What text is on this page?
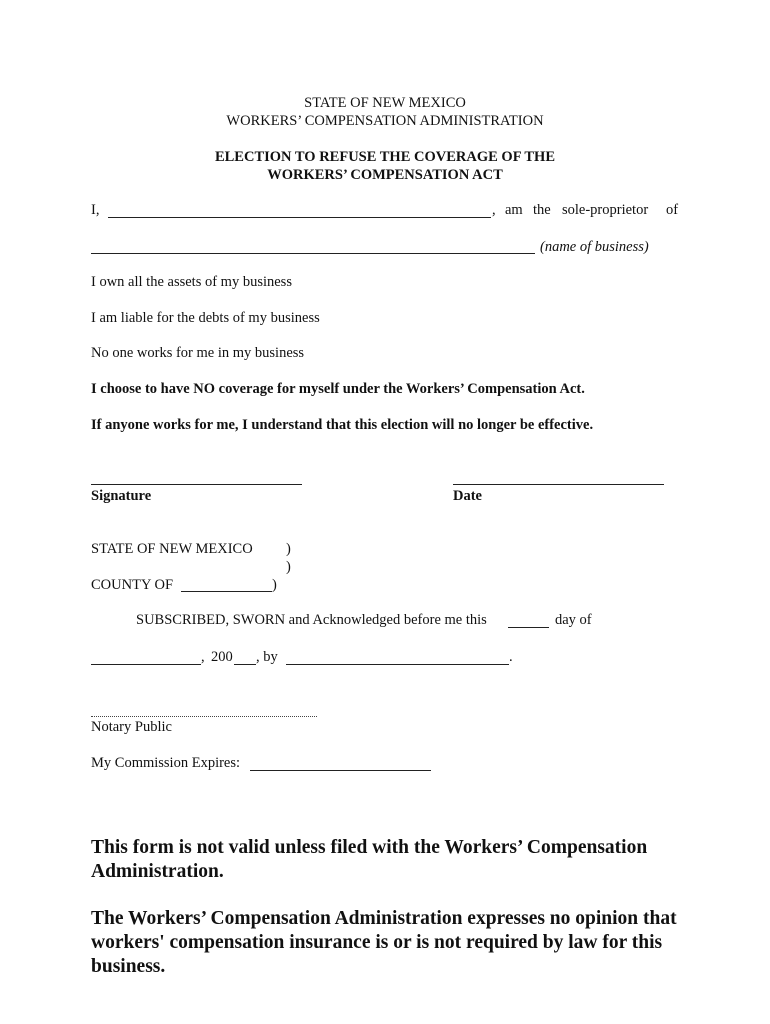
STATE OF NEW MEXICO
WORKERS’ COMPENSATION ADMINISTRATION
ELECTION TO REFUSE THE COVERAGE OF THE
WORKERS’ COMPENSATION ACT
I,	, am the sole-proprietor of
(name of business)
I own all the assets of my business
I am liable for the debts of my business
No one works for me in my business
I choose to have NO coverage for myself under the Workers’ Compensation Act.
If anyone works for me, I understand that this election will no longer be effective.
Signature	Date
STATE OF NEW MEXICO )
)
COUNTY OF	)
SUBSCRIBED, SWORN and Acknowledged before me this	day of
, 200 , by	.
Notary Public
My Commission Expires:
This form is not valid unless filed with the Workers’ Compensation Administration.
The Workers’ Compensation Administration expresses no opinion that workers' compensation insurance is or is not required by law for this business.
